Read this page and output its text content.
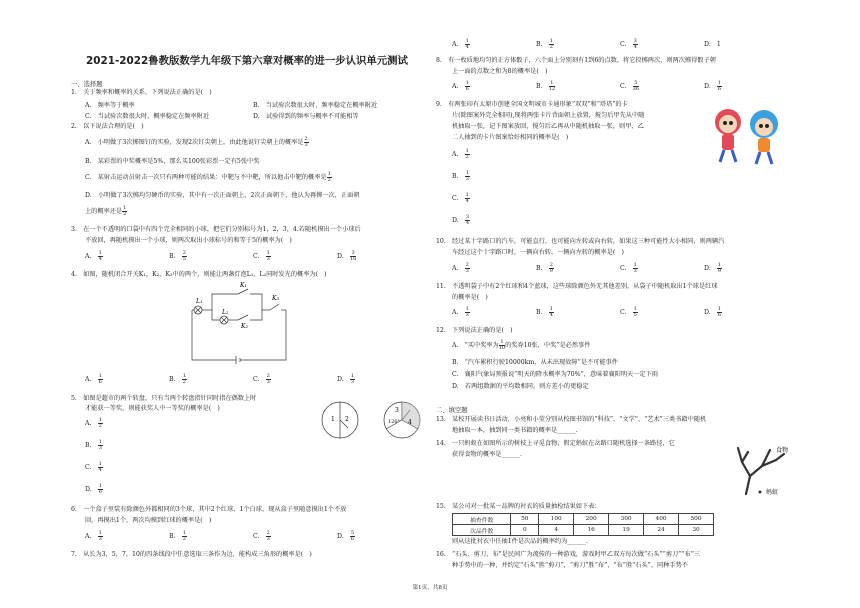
2021-2022鲁教版数学九年级下第六章对概率的进一步认识单元测试
一、选择题
1.　关于频率和概率的关系，下列说法正确的是(　)
A.　频率等于概率	B.　当试验次数很大时，频率稳定在概率附近
C.　当试验次数很大时，概率稳定在频率附近	D.　试验得到的频率与概率不可能相等
2.　以下说法合理的是(　)
A.　小明做了3次掷图钉的实验，发现2次钉尖朝上，由此他说钉尖朝上的概率是 $\frac{2}{3}$
B.　某彩票的中奖概率是5%，那么买100张彩票一定有5张中奖
C.　某射击运动员射击一次只有两种可能的结果：中靶与不中靶，所以他击中靶的概率是 $\frac{1}{2}$
D.　小明做了3次掷均匀硬币的实验，其中有一次正面朝上，2次正面朝下，他认为再掷一次，正面朝
上的概率还是 $\frac{1}{2}$
3.　在一个不透明的口袋中有四个完全相同的小球，把它们分别标号为1，2，3，4.若随机摸出一个小球后
不放回，再随机摸出一个小球，则两次取出小球标号的和等于5的概率为(　)
A.　 $\frac{1}{4}$	B.　 $\frac{2}{5}$	C.　 $\frac{1}{3}$	D.　 $\frac{3}{16}$
4.　如图，随机闭合开关K₁，K₂，K₃中的两个，则能让两盏灯泡L₁，L₂同时发光的概率为(　)
L₁
L₂
K₁
K₂
K₃
A.　 $\frac{1}{6}$	B.　 $\frac{1}{2}$	C.　 $\frac{2}{3}$	D.　 $\frac{1}{3}$
5.　如图是超市的两个转盘，只有当两个转盘指针同时指在偶数上时
才能获一等奖，则能获奖人中一等奖的概率是(　)
1 2
3
4
120°
A.　 $\frac{1}{2}$
B.　 $\frac{1}{3}$
C.　 $\frac{1}{4}$
D.　 $\frac{1}{6}$
6.　一个盒子里装有除颜色外都相同的3个球，其中2个红球，1个白球，现从盒子里随意摸出1个不放
回，再摸出1个，两次均摸到红球的概率是(　)
A.　 $\frac{1}{3}$	B.　 $\frac{1}{2}$	C.　 $\frac{2}{3}$	D.　 $\frac{5}{6}$
7.　从长为3，5，7，10的四条线段中任意选取三条作为边，能构成三角形的概率是(　)
A.　 $\frac{1}{4}$	B.　 $\frac{1}{2}$	C.　 $\frac{3}{4}$	D.　1
8.　有一枚质地均匀的正方体骰子，六个面上分别刻有1到6的点数，将它投掷两次，则两次掷得骰子朝
上一面的点数之和为8的概率是(　)
A.　 $\frac{1}{6}$	B.　 $\frac{1}{12}$	C.　 $\frac{5}{36}$	D.　 $\frac{1}{6}$
9.　有两张印有太原市创建全国文明城市卡通形象“双双”和“塔塔”的卡
片(除图案外完全相同),现将两张卡片背面朝上放置，搅匀后甲先从中随
机抽取一张，记下图案放回，搅匀后乙再从中随机抽取一张，则甲、乙
二人抽到的卡片图案恰好相同的概率是(　)
A.　 $\frac{1}{2}$
B.　 $\frac{1}{3}$
C.　 $\frac{1}{4}$
D.　 $\frac{3}{4}$
10.　经过某十字路口的汽车，可能直行，也可能向左转或向右转，如果这三种可能性大小相同，则两辆汽
车经过这个十字路口时，一辆向右转，一辆向左转的概率是(　)
A.　 $\frac{2}{3}$	B.　 $\frac{2}{9}$	C.　 $\frac{1}{3}$	D.　 $\frac{1}{9}$
11.　不透明袋子中有2个红球和4个蓝球，这些球除颜色外无其他差别，从袋子中随机取出1个球是红球
的概率是(　)
A.　 $\frac{1}{3}$	B.　 $\frac{1}{4}$	C.　 $\frac{1}{5}$	D.　 $\frac{1}{6}$
12.　下列说法正确的是(　)
A.　“买中奖率为 $\frac{1}{10}$的奖券10张，中奖”是必然事件
B.　“汽车累积行驶10000km，从未出现故障”是不可能事件
C.　襄阳气象局预报说“明天的降水概率为70%”，意味着襄阳明天一定下雨
D.　若两组数据的平均数相同，则方差小的更稳定
二、填空题
13.　某校开展读书日活动，小亮和小莹分别从校图书馆的“科技”、“文学”、“艺术”三类书籍中随机
地抽取一本，抽到同一类书籍的概率是______.
14.　一只蚂蚁在如图所示的树枝上寻觅食物，假定蚂蚁在岔路口随机选择一条路径，它
获得食物的概率是______.
食物
蚂蚁
15.　某公司对一批某一品牌的衬衣的质量抽检结果如下表：
抽查件数	50	100	200	300	400	500
次品件数	0	4	16	19	24	30
则从这批衬衣中任抽1件是次品的概率约为______.
16.　“石头、剪刀、布”是民间广为流传的一种游戏，游戏时甲乙双方每次做“石头”“剪刀”“布”三
种手势中的一种，并约定“石头”胜“剪刀”，“剪刀”胜“布”，“布”胜“石头”，同种手势不
第1页，共8页
